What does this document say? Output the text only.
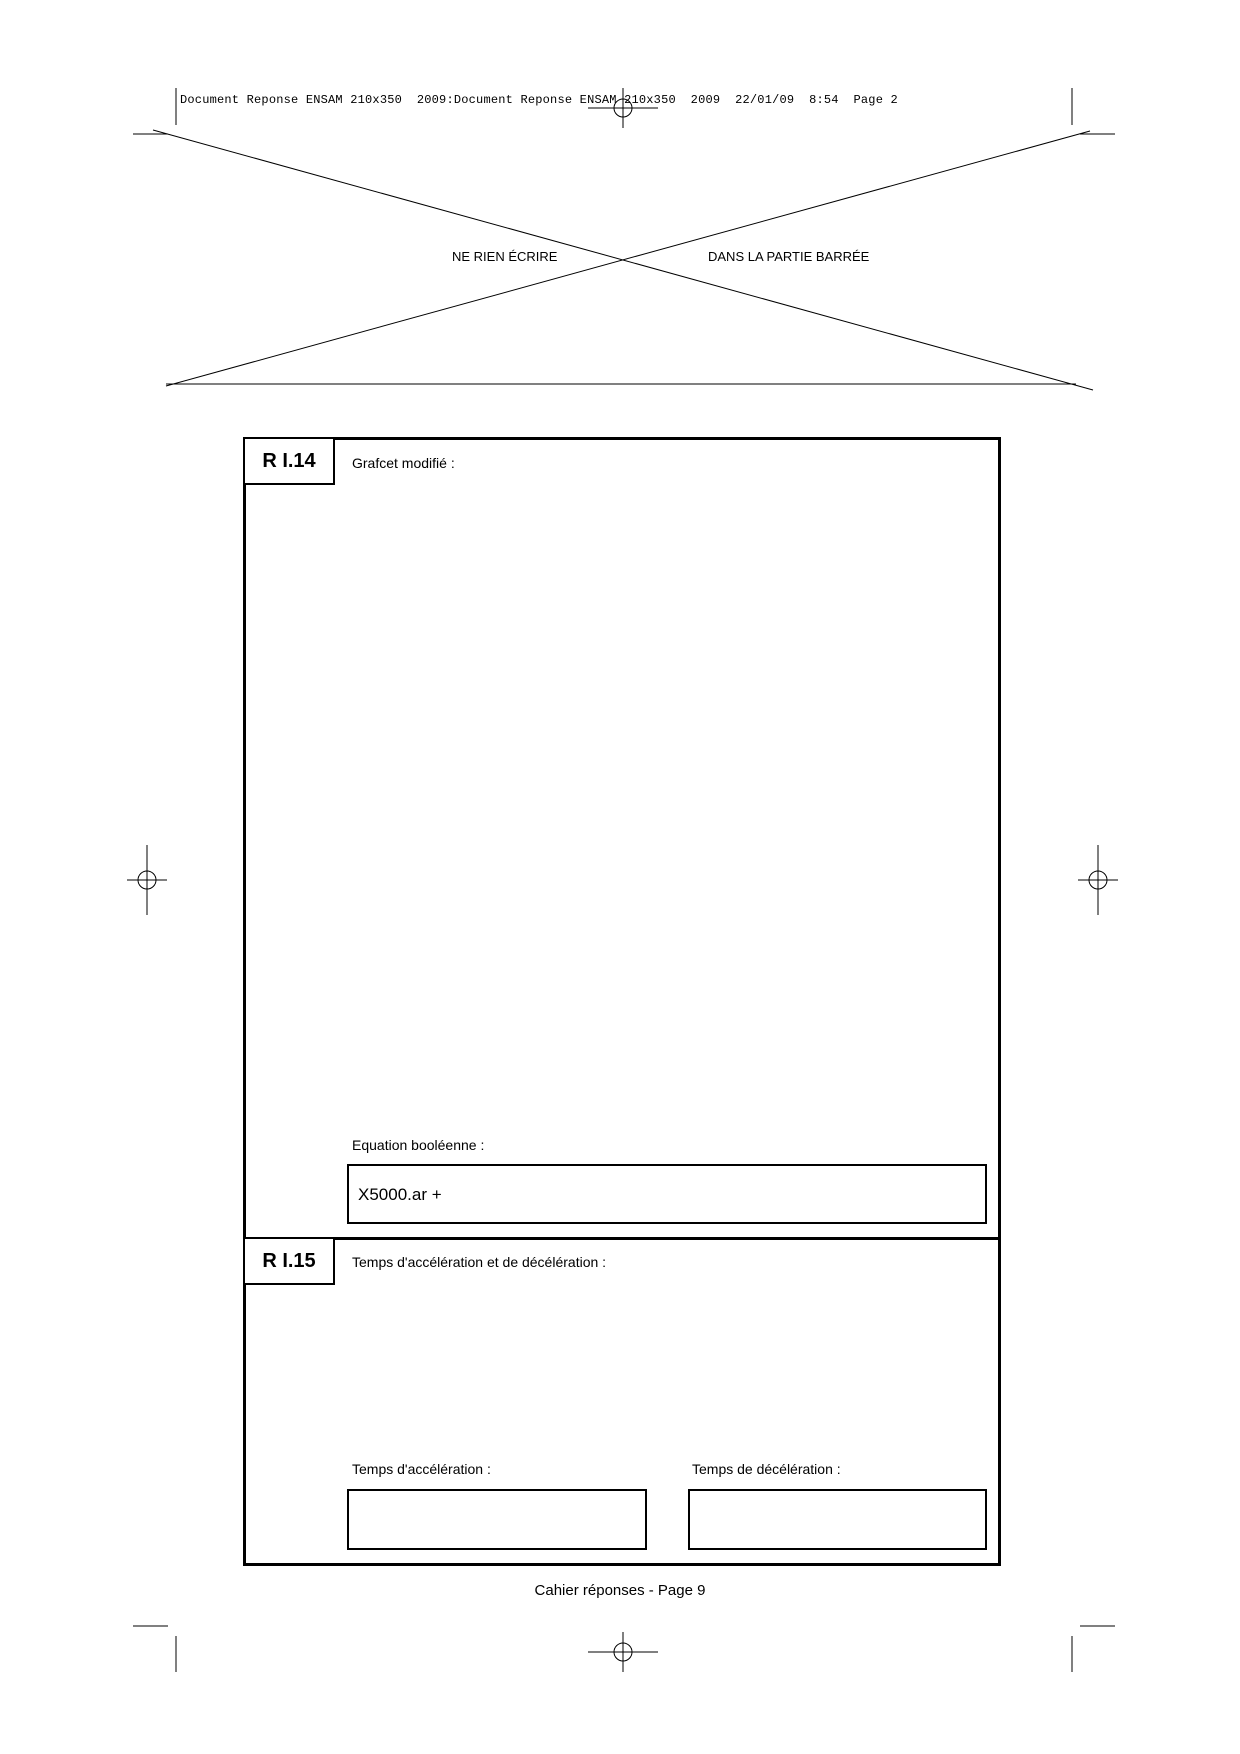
Document Reponse ENSAM 210x350  2009:Document Reponse ENSAM 210x350  2009  22/01/09  8:54  Page 2
NE RIEN ÉCRIRE	DANS LA PARTIE BARRÉE
R I.14	Grafcet modifié :
Equation booléenne :
X5000.ar +
R I.15	Temps d'accélération et de décélération :
Temps d'accélération :	Temps de décélération :
Cahier réponses - Page 9
